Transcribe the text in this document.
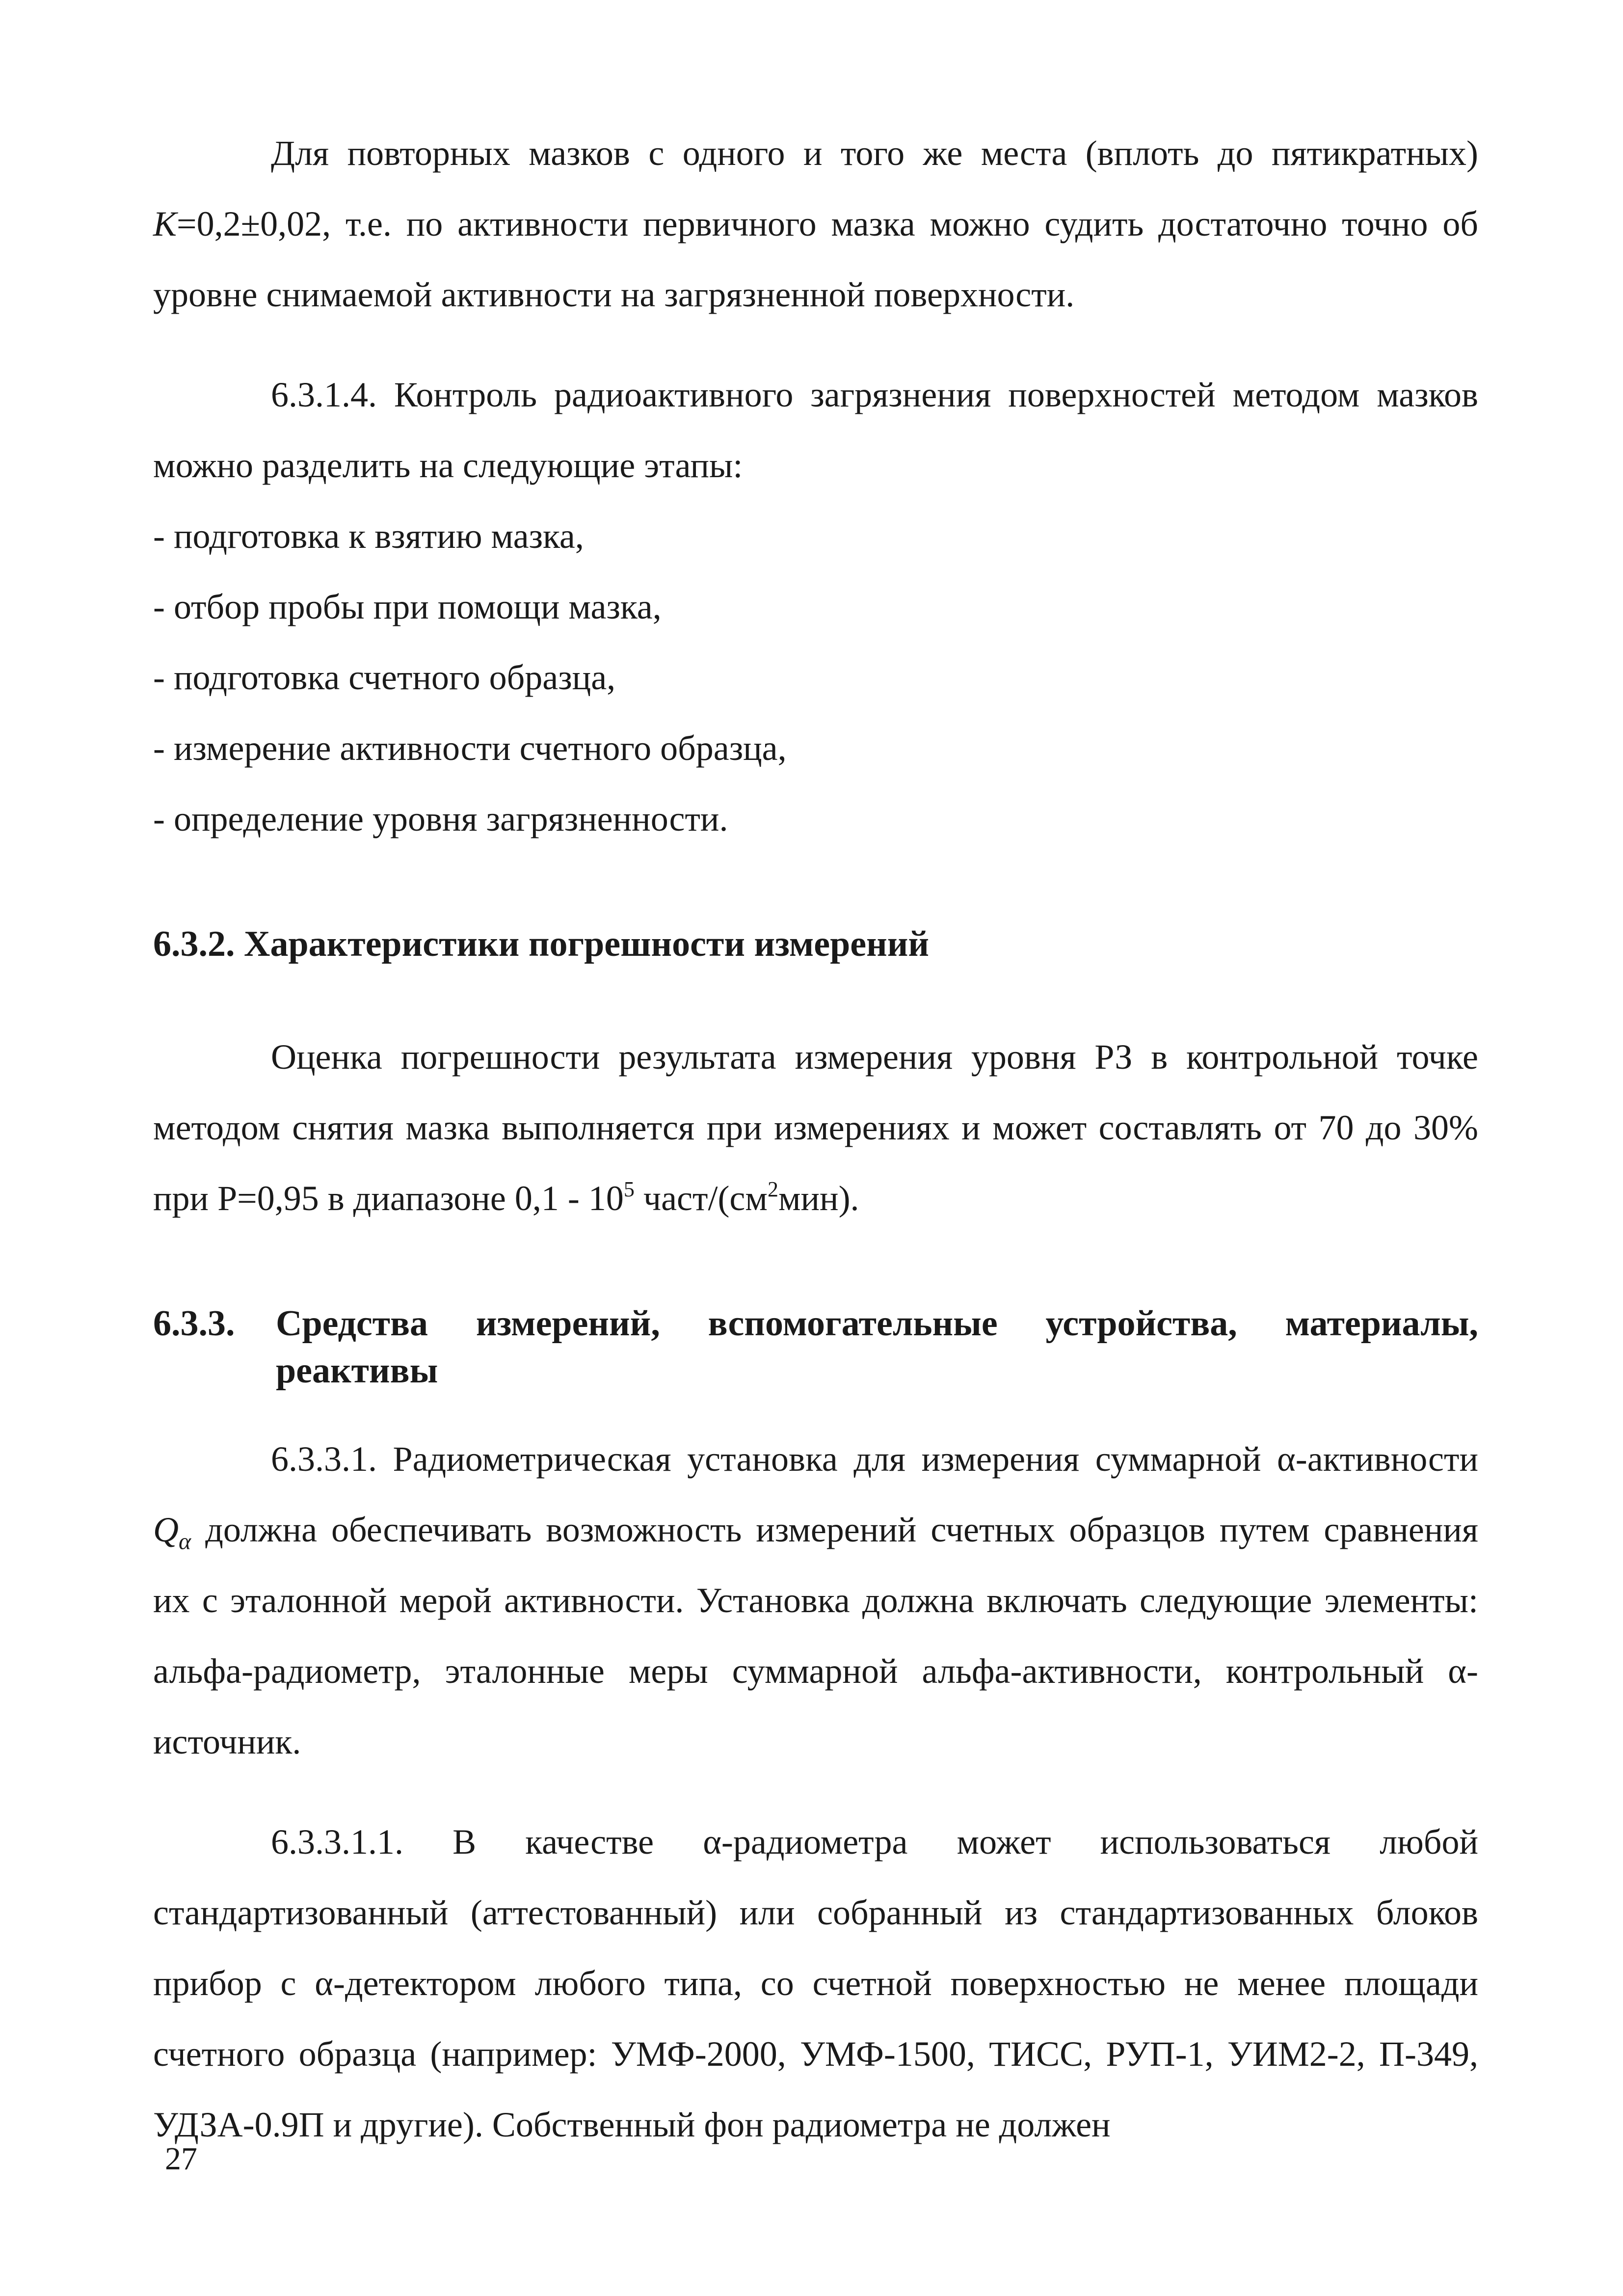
Для повторных мазков с одного и того же места (вплоть до пятикратных) K=0,2±0,02, т.е. по активности первичного мазка можно судить достаточно точно об уровне снимаемой активности на загрязненной поверхности.

6.3.1.4. Контроль радиоактивного загрязнения поверхностей методом мазков можно разделить на следующие этапы:

- подготовка к взятию мазка,
- отбор пробы при помощи мазка,
- подготовка счетного образца,
- измерение активности счетного образца,
- определение уровня загрязненности.
6.3.2. Характеристики погрешности измерений

Оценка погрешности результата измерения уровня РЗ в контрольной точке методом снятия мазка выполняется при измерениях и может составлять от 70 до 30% при Р=0,95 в диапазоне $0,1 - 10^5$ част/$(см^2мин)$.

6.3.3.	Средства измерений, вспомогательные устройства, материалы, реактивы

6.3.3.1. Радиометрическая установка для измерения суммарной α-активности $Q_\alpha$ должна обеспечивать возможность измерений счетных образцов путем сравнения их с эталонной мерой активности. Установка должна включать следующие элементы: альфа-радиометр, эталонные меры суммарной альфа-активности, контрольный α-источник.

6.3.3.1.1. В качестве α-радиометра может использоваться любой стандартизованный (аттестованный) или собранный из стандартизованных блоков прибор с α-детектором любого типа, со счетной поверхностью не менее площади счетного образца (например: УМФ-2000, УМФ-1500, ТИСС, РУП-1, УИМ2-2, П-349, УДЗА-0.9П и другие). Собственный фон радиометра не должен

27
